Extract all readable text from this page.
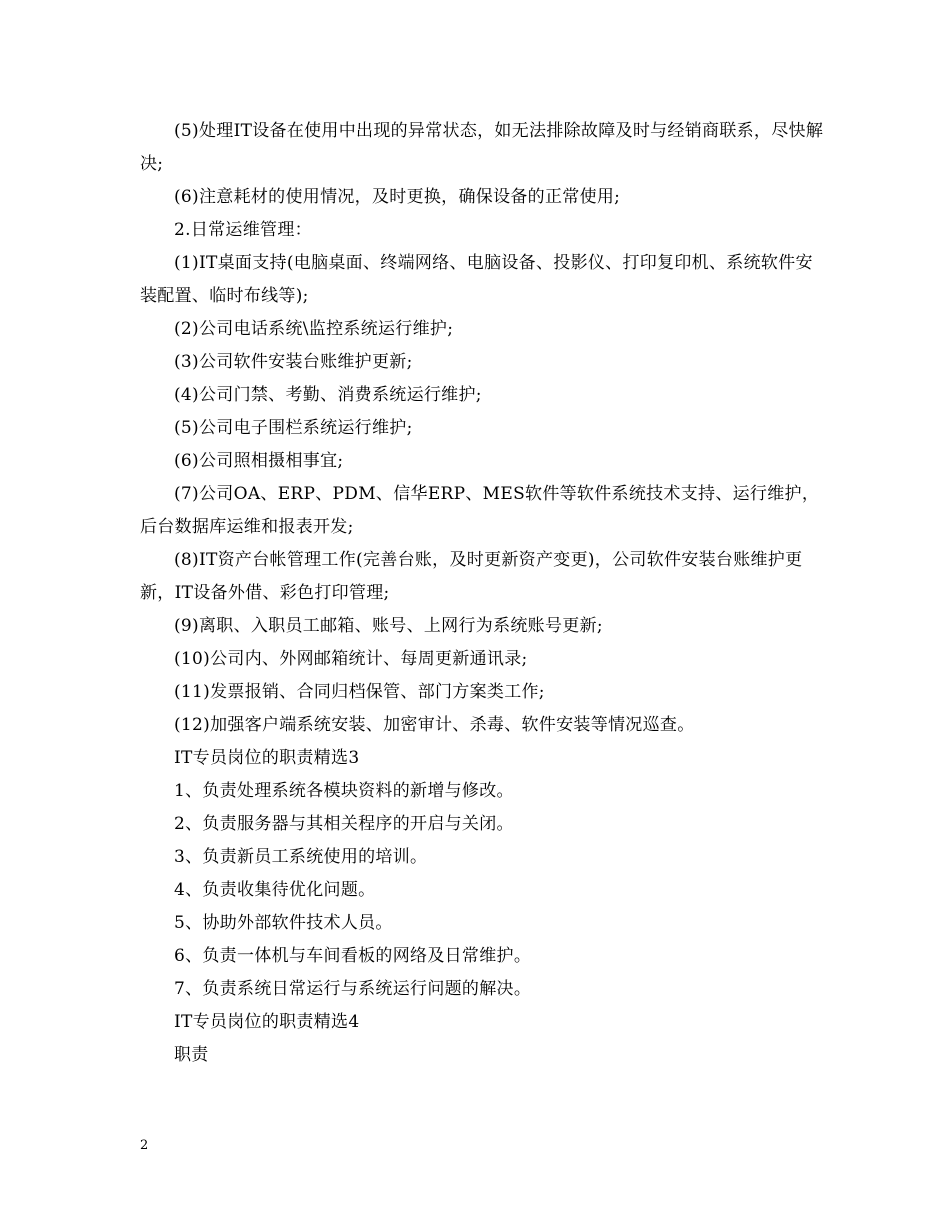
(5)处理IT设备在使用中出现的异常状态，如无法排除故障及时与经销商联系，尽快解决;

(6)注意耗材的使用情况，及时更换，确保设备的正常使用;

2.日常运维管理：

(1)IT桌面支持(电脑桌面、终端网络、电脑设备、投影仪、打印复印机、系统软件安装配置、临时布线等);

(2)公司电话系统\监控系统运行维护;

(3)公司软件安装台账维护更新;

(4)公司门禁、考勤、消费系统运行维护;

(5)公司电子围栏系统运行维护;

(6)公司照相摄相事宜;

(7)公司OA、ERP、PDM、信华ERP、MES软件等软件系统技术支持、运行维护，后台数据库运维和报表开发;

(8)IT资产台帐管理工作(完善台账，及时更新资产变更)，公司软件安装台账维护更新，IT设备外借、彩色打印管理;

(9)离职、入职员工邮箱、账号、上网行为系统账号更新;

(10)公司内、外网邮箱统计、每周更新通讯录;

(11)发票报销、合同归档保管、部门方案类工作;

(12)加强客户端系统安装、加密审计、杀毒、软件安装等情况巡查。

IT专员岗位的职责精选3

1、负责处理系统各模块资料的新增与修改。

2、负责服务器与其相关程序的开启与关闭。

3、负责新员工系统使用的培训。

4、负责收集待优化问题。

5、协助外部软件技术人员。

6、负责一体机与车间看板的网络及日常维护。

7、负责系统日常运行与系统运行问题的解决。

IT专员岗位的职责精选4

职责

2
